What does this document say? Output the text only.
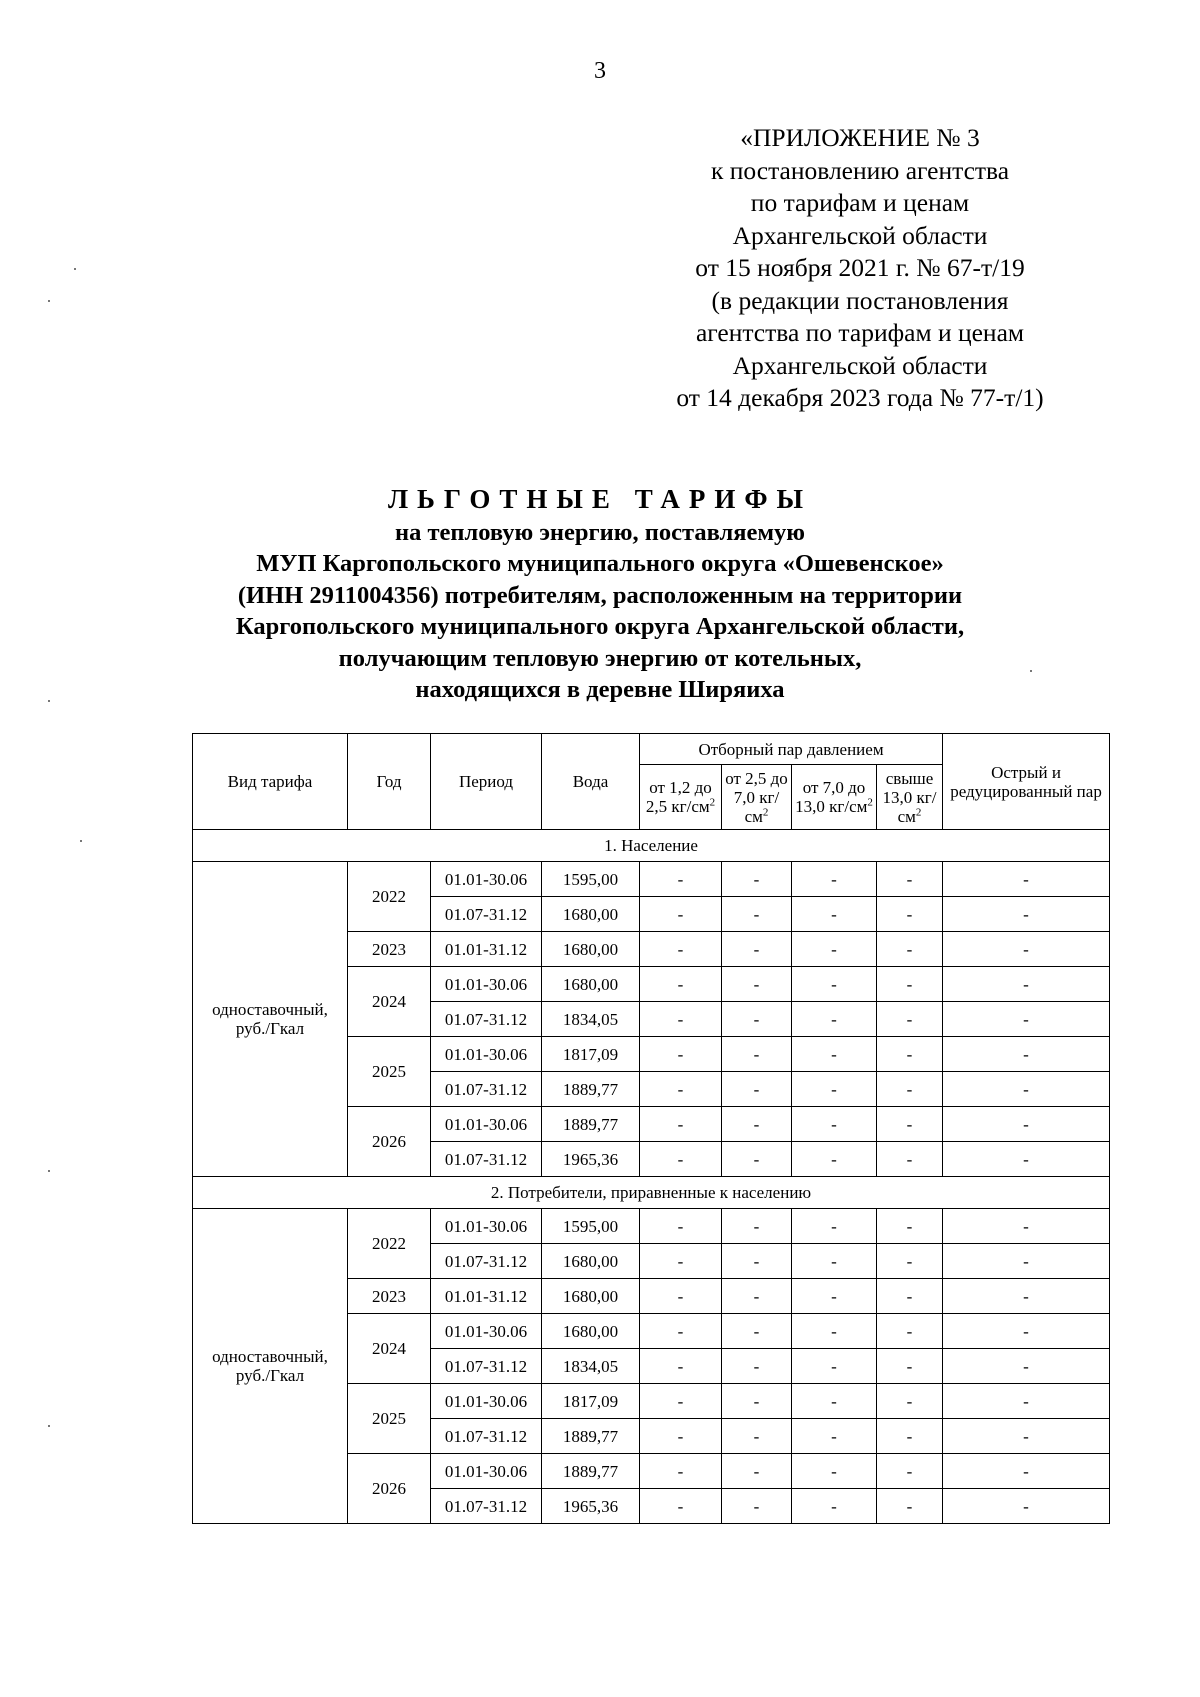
3
«ПРИЛОЖЕНИЕ № 3
к постановлению агентства
по тарифам и ценам
Архангельской области
от 15 ноября 2021 г. № 67-т/19
(в редакции постановления
агентства по тарифам и ценам
Архангельской области
от 14 декабря 2023 года № 77-т/1)
ЛЬГОТНЫЕ ТАРИФЫ
на тепловую энергию, поставляемую
МУП Каргопольского муниципального округа «Ошевенское»
(ИНН 2911004356) потребителям, расположенным на территории
Каргопольского муниципального округа Архангельской области,
получающим тепловую энергию от котельных,
находящихся в деревне Ширяиха
Вид тарифа	Год	Период	Вода	Отборный пар давлением				Острый и редуцированный пар
				от 1,2 до 2,5 $кг/см^2$	от 2,5 до 7,0 $кг/см^2$	от 7,0 до 13,0 $кг/см^2$	свыше 13,0 $кг/см^2$
1. Население								
одноставочный, руб./Гкал	2022	01.01-30.06	1595,00	-	-	-	-	-
		01.07-31.12	1680,00	-	-	-	-	-
	2023	01.01-31.12	1680,00	-	-	-	-	-
	2024	01.01-30.06	1680,00	-	-	-	-	-
		01.07-31.12	1834,05	-	-	-	-	-
	2025	01.01-30.06	1817,09	-	-	-	-	-
		01.07-31.12	1889,77	-	-	-	-	-
	2026	01.01-30.06	1889,77	-	-	-	-	-
		01.07-31.12	1965,36	-	-	-	-	-
2. Потребители, приравненные к населению								
одноставочный, руб./Гкал	2022	01.01-30.06	1595,00	-	-	-	-	-
		01.07-31.12	1680,00	-	-	-	-	-
	2023	01.01-31.12	1680,00	-	-	-	-	-
	2024	01.01-30.06	1680,00	-	-	-	-	-
		01.07-31.12	1834,05	-	-	-	-	-
	2025	01.01-30.06	1817,09	-	-	-	-	-
		01.07-31.12	1889,77	-	-	-	-	-
	2026	01.01-30.06	1889,77	-	-	-	-	-
		01.07-31.12	1965,36	-	-	-	-	-
